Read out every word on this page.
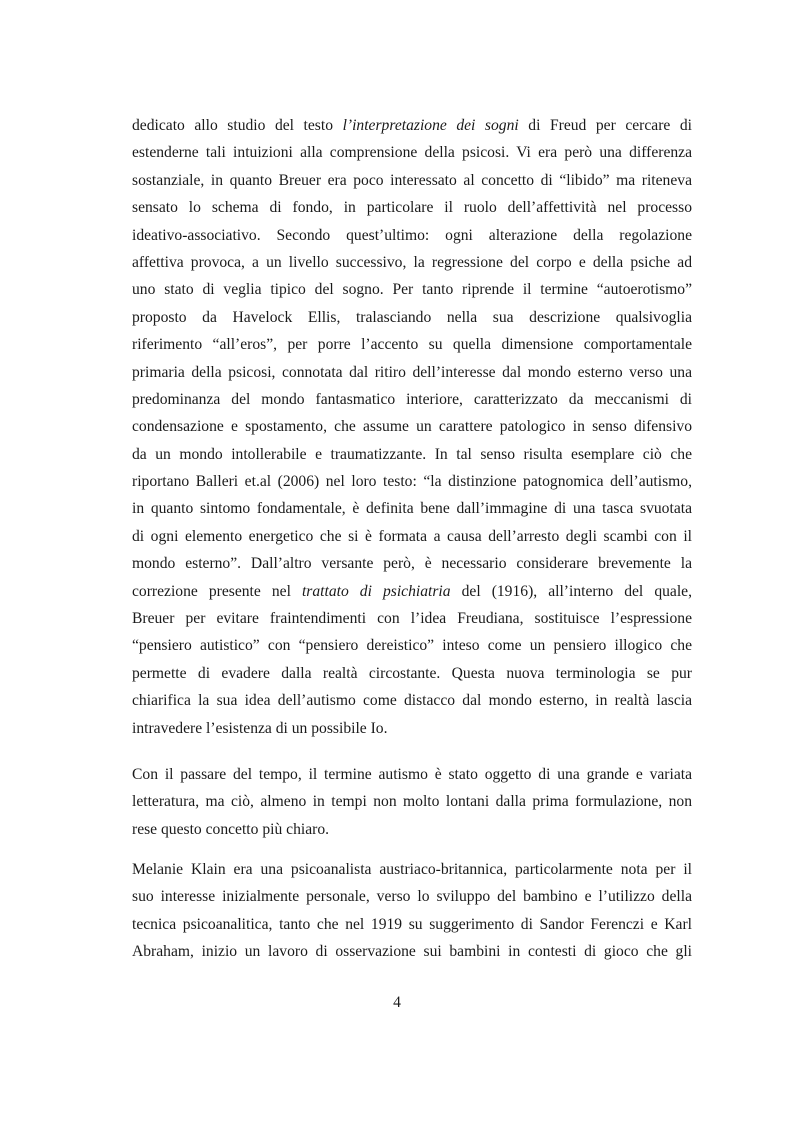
dedicato allo studio del testo l’interpretazione dei sogni di Freud per cercare di
estenderne tali intuizioni alla comprensione della psicosi. Vi era però una differenza
sostanziale, in quanto Breuer era poco interessato al concetto di “libido” ma riteneva
sensato lo schema di fondo, in particolare il ruolo dell’affettività nel processo
ideativo-associativo. Secondo quest’ultimo: ogni alterazione della regolazione
affettiva provoca, a un livello successivo, la regressione del corpo e della psiche ad
uno stato di veglia tipico del sogno. Per tanto riprende il termine “autoerotismo”
proposto da Havelock Ellis, tralasciando nella sua descrizione qualsivoglia
riferimento “all’eros”, per porre l’accento su quella dimensione comportamentale
primaria della psicosi, connotata dal ritiro dell’interesse dal mondo esterno verso una
predominanza del mondo fantasmatico interiore, caratterizzato da meccanismi di
condensazione e spostamento, che assume un carattere patologico in senso difensivo
da un mondo intollerabile e traumatizzante. In tal senso risulta esemplare ciò che
riportano Balleri et.al (2006) nel loro testo: “la distinzione patognomica dell’autismo,
in quanto sintomo fondamentale, è definita bene dall’immagine di una tasca svuotata
di ogni elemento energetico che si è formata a causa dell’arresto degli scambi con il
mondo esterno”. Dall’altro versante però, è necessario considerare brevemente la
correzione presente nel trattato di psichiatria del (1916), all’interno del quale,
Breuer per evitare fraintendimenti con l’idea Freudiana, sostituisce l’espressione
“pensiero autistico” con “pensiero dereistico” inteso come un pensiero illogico che
permette di evadere dalla realtà circostante. Questa nuova terminologia se pur
chiarifica la sua idea dell’autismo come distacco dal mondo esterno, in realtà lascia
intravedere l’esistenza di un possibile Io.
Con il passare del tempo, il termine autismo è stato oggetto di una grande e variata
letteratura, ma ciò, almeno in tempi non molto lontani dalla prima formulazione, non
rese questo concetto più chiaro.
Melanie Klain era una psicoanalista austriaco-britannica, particolarmente nota per il
suo interesse inizialmente personale, verso lo sviluppo del bambino e l’utilizzo della
tecnica psicoanalitica, tanto che nel 1919 su suggerimento di Sandor Ferenczi e Karl
Abraham, inizio un lavoro di osservazione sui bambini in contesti di gioco che gli
4
